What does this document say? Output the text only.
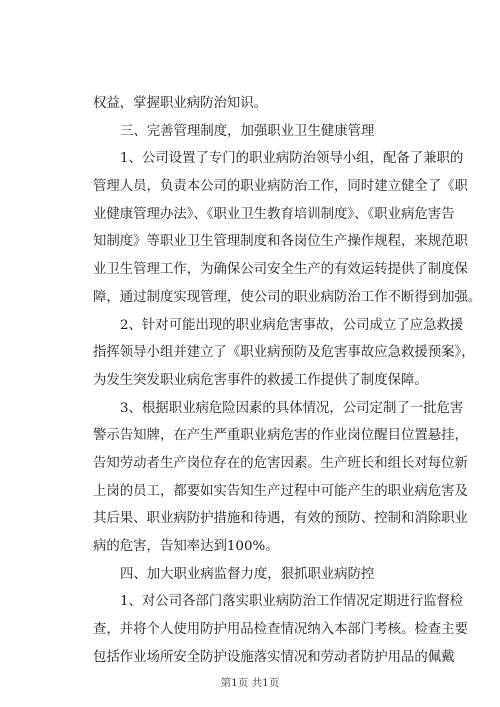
权益，掌握职业病防治知识。
三、完善管理制度，加强职业卫生健康管理
1、公司设置了专门的职业病防治领导小组，配备了兼职的
管理人员，负责本公司的职业病防治工作，同时建立健全了《职
业健康管理办法》、《职业卫生教育培训制度》、《职业病危害告
知制度》等职业卫生管理制度和各岗位生产操作规程，来规范职
业卫生管理工作，为确保公司安全生产的有效运转提供了制度保
障，通过制度实现管理，使公司的职业病防治工作不断得到加强。
2、针对可能出现的职业病危害事故，公司成立了应急救援
指挥领导小组并建立了《职业病预防及危害事故应急救援预案》，
为发生突发职业病危害事件的救援工作提供了制度保障。
3、根据职业病危险因素的具体情况，公司定制了一批危害
警示告知牌，在产生严重职业病危害的作业岗位醒目位置悬挂，
告知劳动者生产岗位存在的危害因素。生产班长和组长对每位新
上岗的员工，都要如实告知生产过程中可能产生的职业病危害及
其后果、职业病防护措施和待遇，有效的预防、控制和消除职业
病的危害，告知率达到100%。
四、加大职业病监督力度，狠抓职业病防控
1、对公司各部门落实职业病防治工作情况定期进行监督检
查，并将个人使用防护用品检查情况纳入本部门考核。检查主要
包括作业场所安全防护设施落实情况和劳动者防护用品的佩戴
第1页 共1页
